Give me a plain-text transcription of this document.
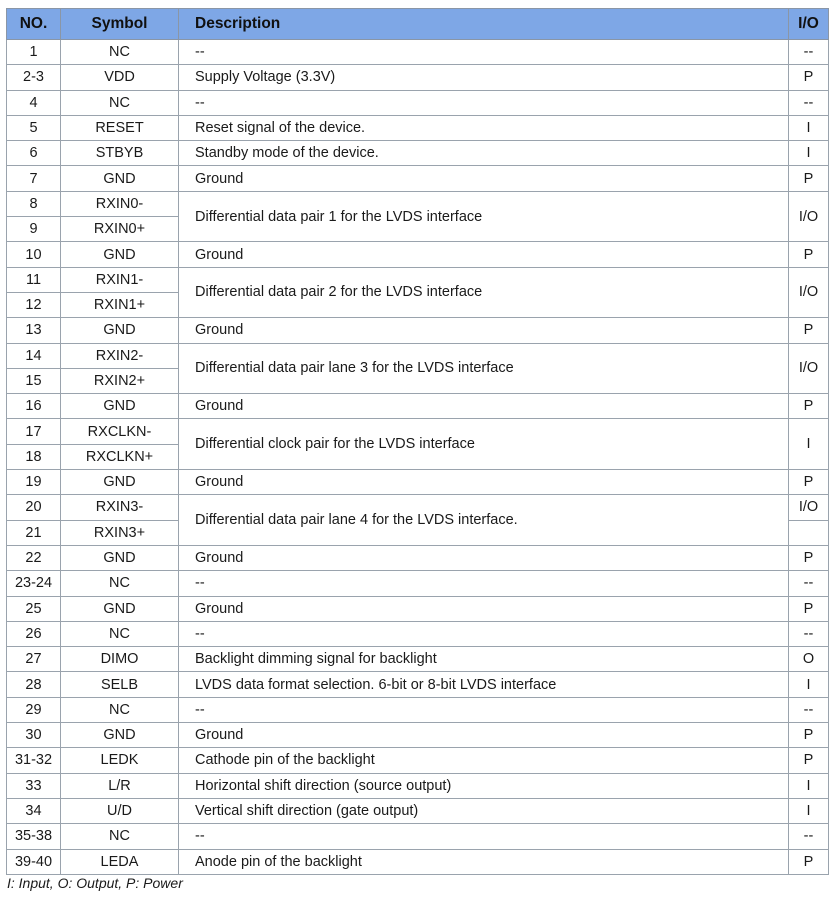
NO.	Symbol	Description	I/O
1	NC	--	--
2-3	VDD	Supply Voltage (3.3V)	P
4	NC	--	--
5	RESET	Reset signal of the device.	I
6	STBYB	Standby mode of the device.	I
7	GND	Ground	P
8	RXIN0-	Differential data pair 1 for the LVDS interface	I/O
9	RXIN0+		
10	GND	Ground	P
11	RXIN1-	Differential data pair 2 for the LVDS interface	I/O
12	RXIN1+		
13	GND	Ground	P
14	RXIN2-	Differential data pair lane 3 for the LVDS interface	I/O
15	RXIN2+		
16	GND	Ground	P
17	RXCLKN-	Differential clock pair for the LVDS interface	I
18	RXCLKN+		
19	GND	Ground	P
20	RXIN3-	Differential data pair lane 4 for the LVDS interface.	I/O
21	RXIN3+		
22	GND	Ground	P
23-24	NC	--	--
25	GND	Ground	P
26	NC	--	--
27	DIMO	Backlight dimming signal for backlight	O
28	SELB	LVDS data format selection. 6-bit or 8-bit LVDS interface	I
29	NC	--	--
30	GND	Ground	P
31-32	LEDK	Cathode pin of the backlight	P
33	L/R	Horizontal shift direction (source output)	I
34	U/D	Vertical shift direction (gate output)	I
35-38	NC	--	--
39-40	LEDA	Anode pin of the backlight	P
I: Input, O: Output, P: Power
